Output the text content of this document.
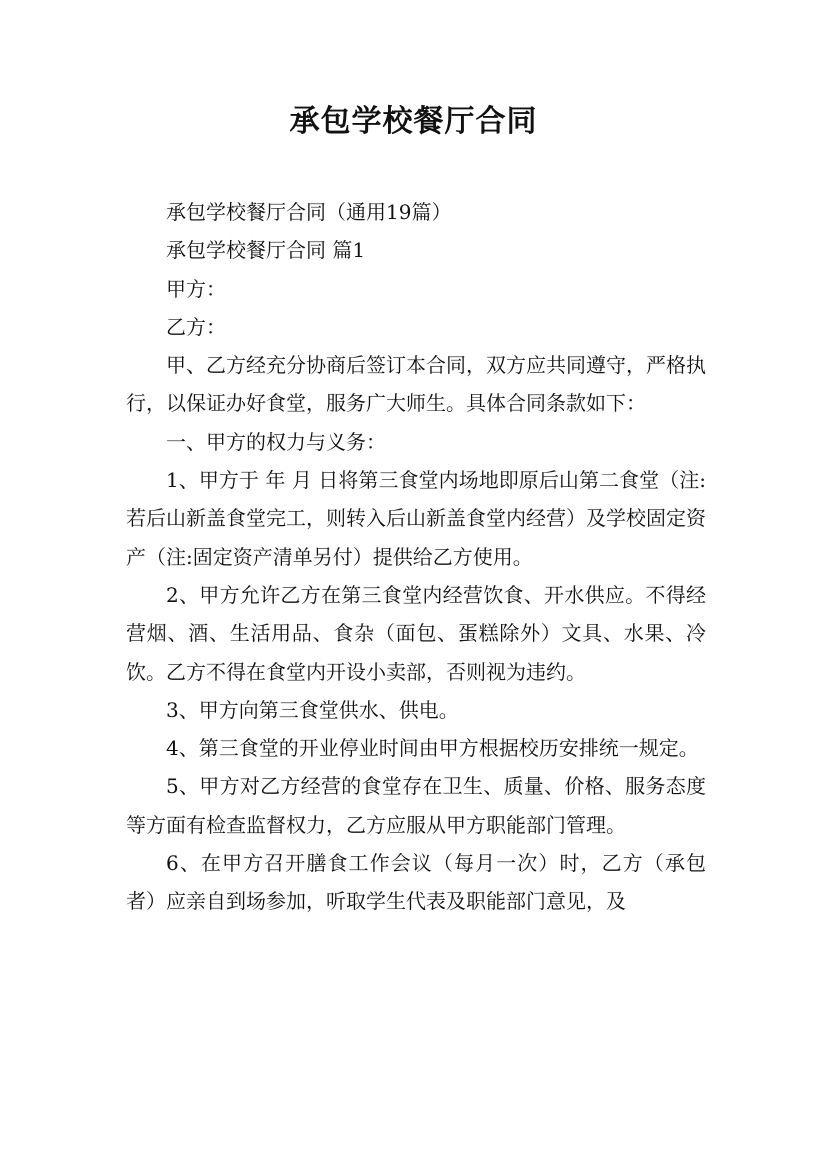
承包学校餐厅合同

承包学校餐厅合同（通用19篇）

承包学校餐厅合同 篇1

甲方：

乙方：

甲、乙方经充分协商后签订本合同，双方应共同遵守，严格执行，以保证办好食堂，服务广大师生。具体合同条款如下：

一、甲方的权力与义务：

1、甲方于 年 月 日将第三食堂内场地即原后山第二食堂（注:若后山新盖食堂完工，则转入后山新盖食堂内经营）及学校固定资产（注:固定资产清单另付）提供给乙方使用。

2、甲方允许乙方在第三食堂内经营饮食、开水供应。不得经营烟、酒、生活用品、食杂（面包、蛋糕除外）文具、水果、冷饮。乙方不得在食堂内开设小卖部，否则视为违约。

3、甲方向第三食堂供水、供电。

4、第三食堂的开业停业时间由甲方根据校历安排统一规定。

5、甲方对乙方经营的食堂存在卫生、质量、价格、服务态度等方面有检查监督权力，乙方应服从甲方职能部门管理。

6、在甲方召开膳食工作会议（每月一次）时，乙方（承包者）应亲自到场参加，听取学生代表及职能部门意见，及
